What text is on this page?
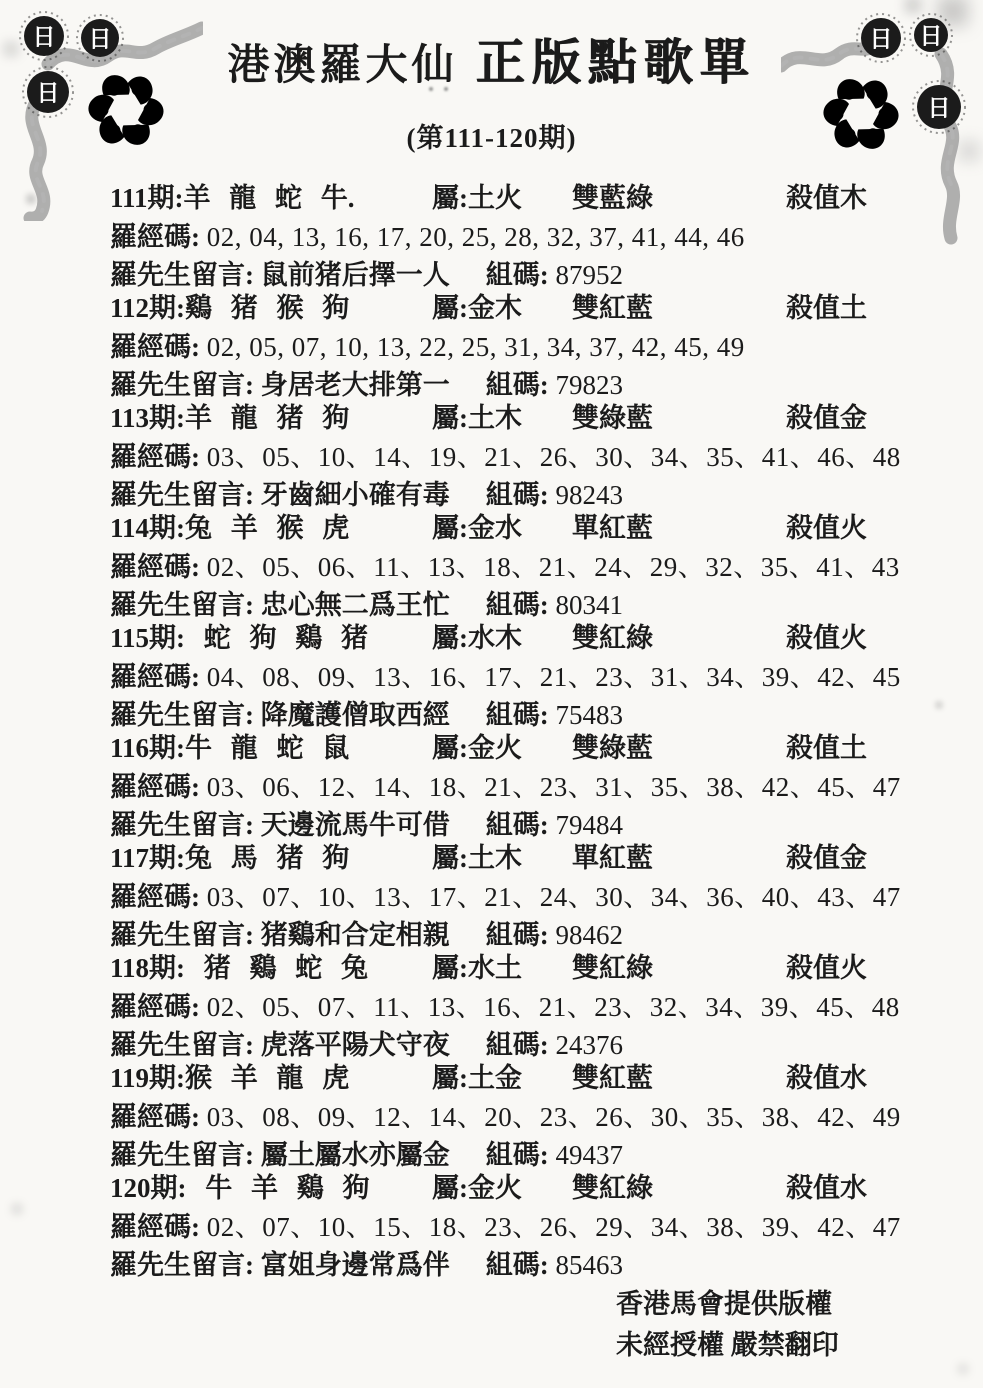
日 日
日
日 日
日
港澳羅大仙 正版點歌單
(第111-120期)
111期:羊 龍 蛇 牛.	屬:土火	雙藍綠	殺值木
羅經碼: 02, 04, 13, 16, 17, 20, 25, 28, 32, 37, 41, 44, 46
羅先生留言: 鼠前猪后擇一人 組碼: 87952
112期:鷄 猪 猴 狗	屬:金木	雙紅藍	殺值土
羅經碼: 02, 05, 07, 10, 13, 22, 25, 31, 34, 37, 42, 45, 49
羅先生留言: 身居老大排第一 組碼: 79823
113期:羊 龍 猪 狗	屬:土木	雙綠藍	殺值金
羅經碼: 03、05、10、14、19、21、26、30、34、35、41、46、48
羅先生留言: 牙齒細小確有毒 組碼: 98243
114期:兔 羊 猴 虎	屬:金水	單紅藍	殺值火
羅經碼: 02、05、06、11、13、18、21、24、29、32、35、41、43
羅先生留言: 忠心無二爲王忙 組碼: 80341
115期: 蛇 狗 鷄 猪	屬:水木	雙紅綠	殺值火
羅經碼: 04、08、09、13、16、17、21、23、31、34、39、42、45
羅先生留言: 降魔護僧取西經 組碼: 75483
116期:牛 龍 蛇 鼠	屬:金火	雙綠藍	殺值土
羅經碼: 03、06、12、14、18、21、23、31、35、38、42、45、47
羅先生留言: 天邊流馬牛可借 組碼: 79484
117期:兔 馬 猪 狗	屬:土木	單紅藍	殺值金
羅經碼: 03、07、10、13、17、21、24、30、34、36、40、43、47
羅先生留言: 猪鷄和合定相親 組碼: 98462
118期: 猪 鷄 蛇 兔	屬:水土	雙紅綠	殺值火
羅經碼: 02、05、07、11、13、16、21、23、32、34、39、45、48
羅先生留言: 虎落平陽犬守夜 組碼: 24376
119期:猴 羊 龍 虎	屬:土金	雙紅藍	殺值水
羅經碼: 03、08、09、12、14、20、23、26、30、35、38、42、49
羅先生留言: 屬土屬水亦屬金 組碼: 49437
120期: 牛 羊 鷄 狗	屬:金火	雙紅綠	殺值水
羅經碼: 02、07、10、15、18、23、26、29、34、38、39、42、47
羅先生留言: 富姐身邊常爲伴 組碼: 85463
香港馬會提供版權
未經授權 嚴禁翻印
